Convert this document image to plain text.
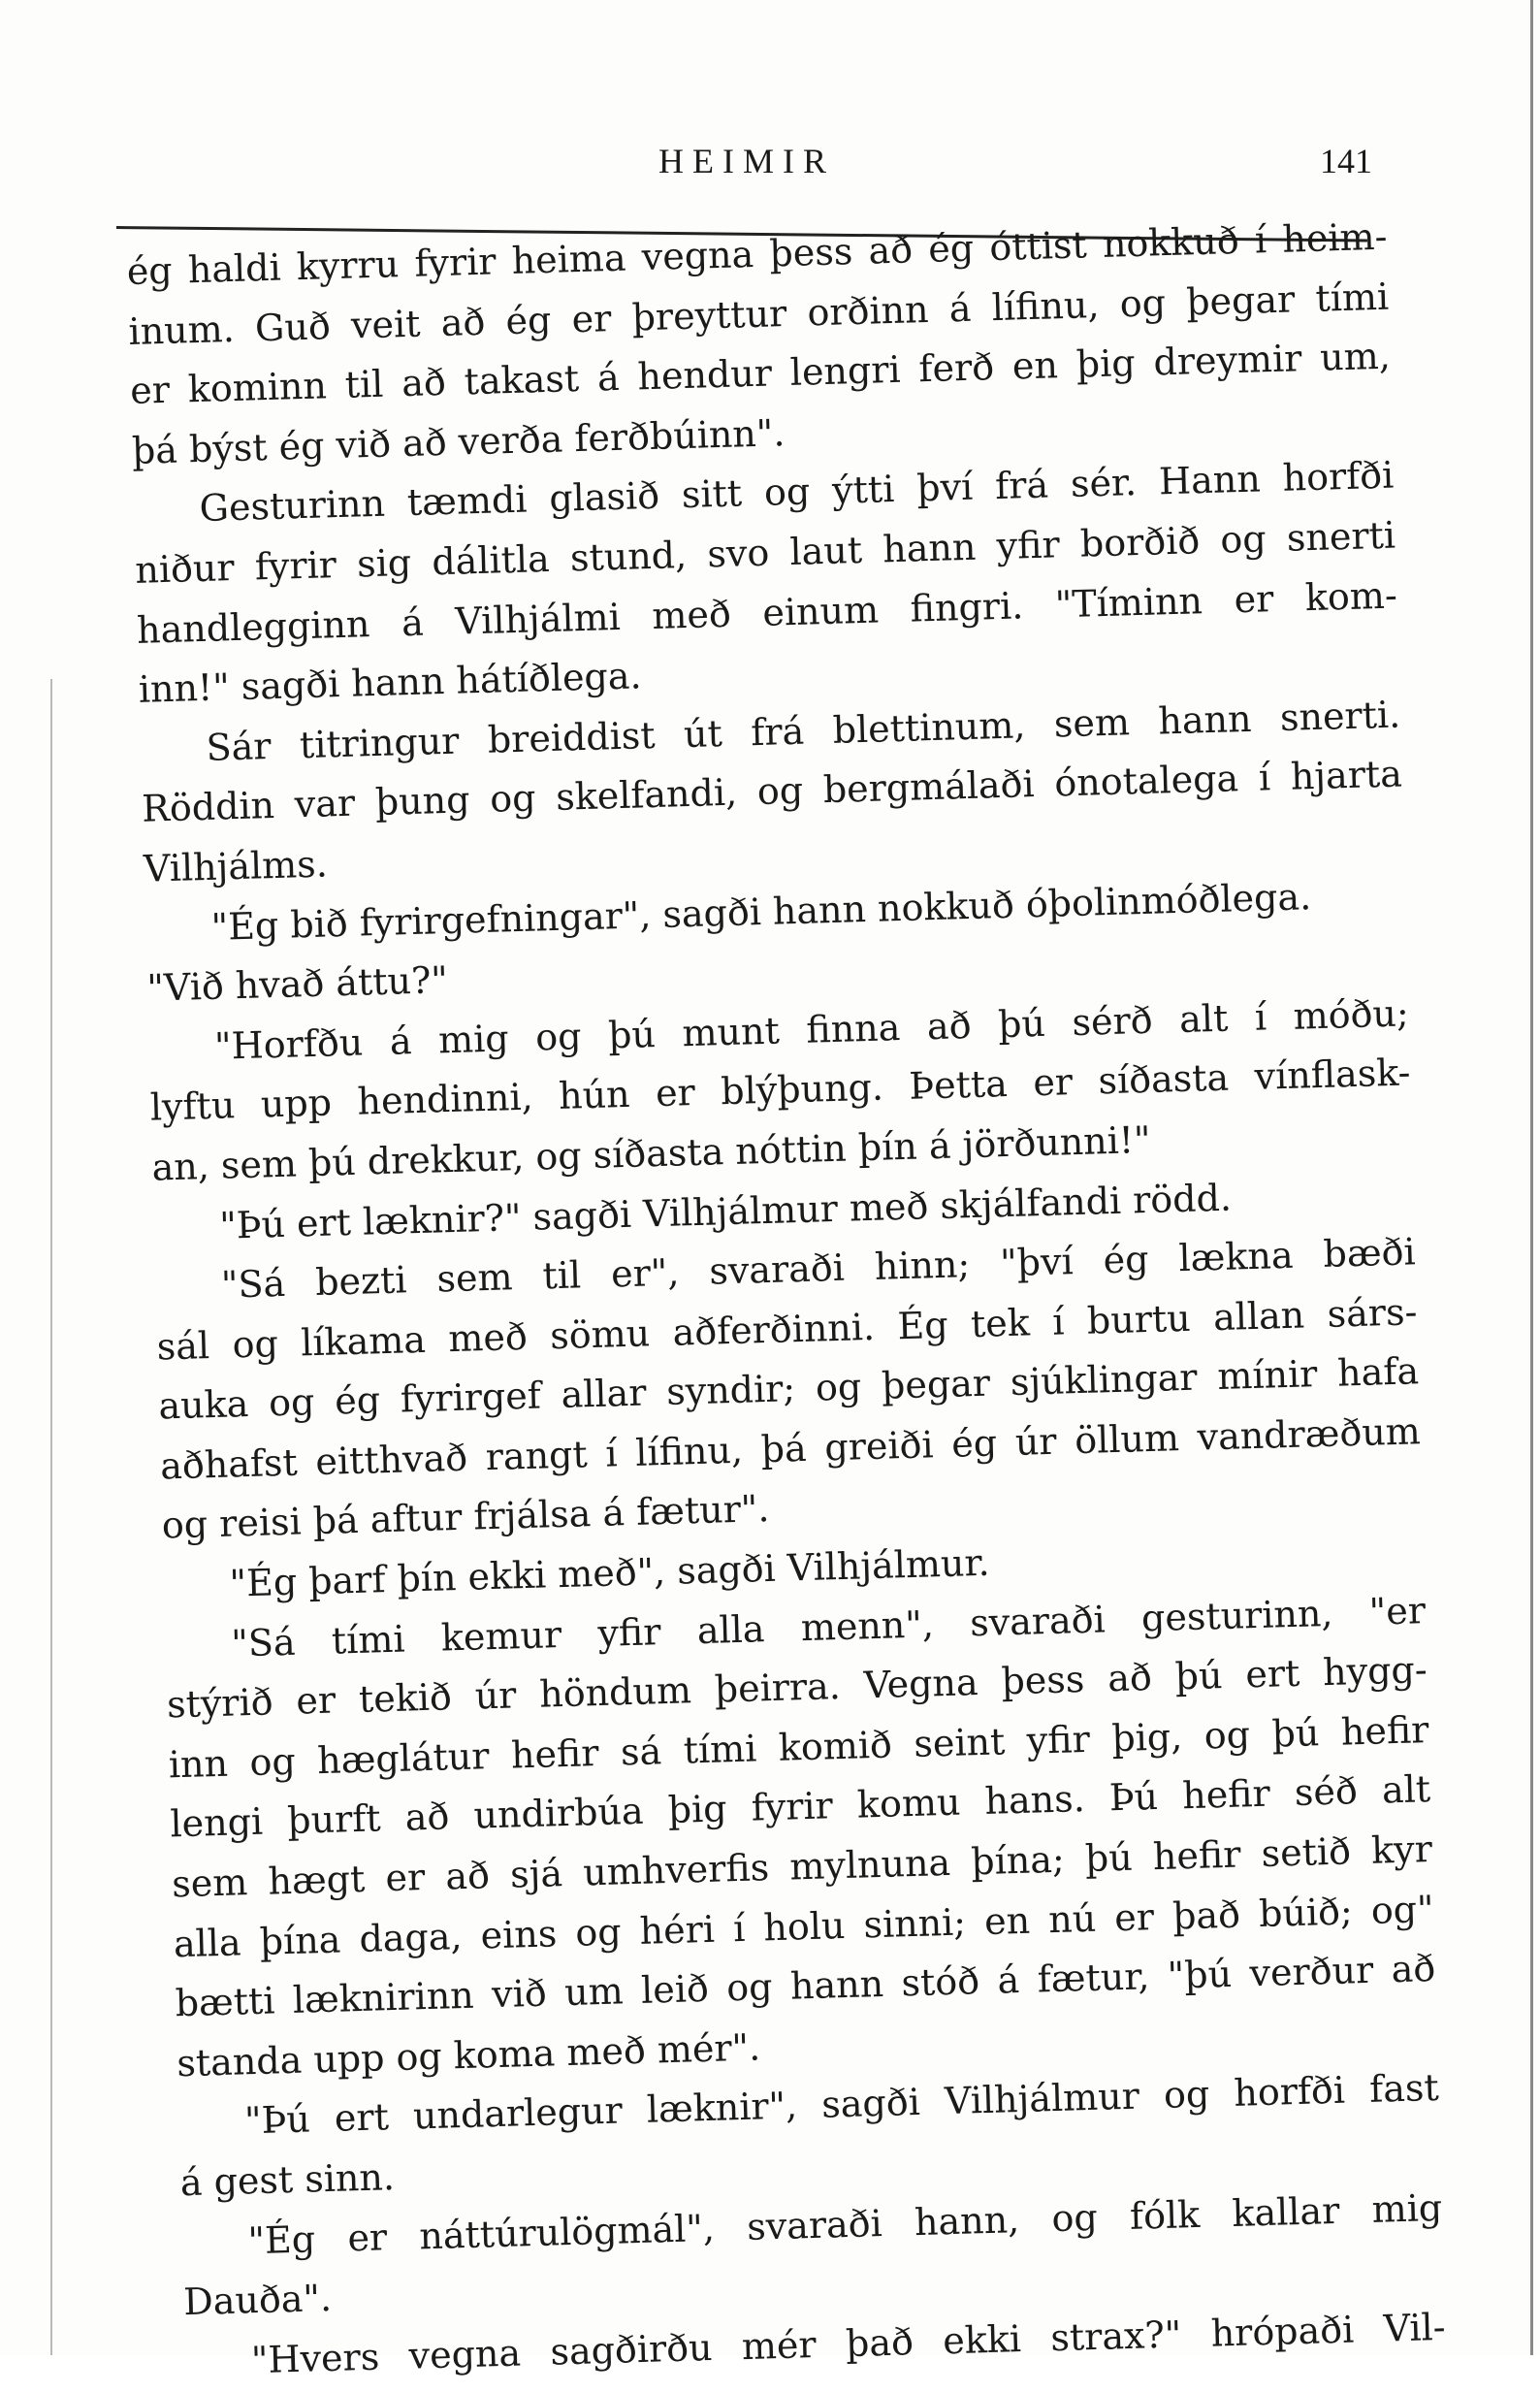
HEIMIR	141
ég haldi kyrru fyrir heima vegna þess að ég óttist nokkuð í heim-
inum. Guð veit að ég er þreyttur orðinn á lífinu, og þegar tími
er kominn til að takast á hendur lengri ferð en þig dreymir um,
þá býst ég við að verða ferðbúinn".
Gesturinn tæmdi glasið sitt og ýtti því frá sér. Hann horfði
niður fyrir sig dálitla stund, svo laut hann yfir borðið og snerti
handlegginn á Vilhjálmi með einum fingri. "Tíminn er kom-
inn!" sagði hann hátíðlega.
Sár titringur breiddist út frá blettinum, sem hann snerti.
Röddin var þung og skelfandi, og bergmálaði ónotalega í hjarta
Vilhjálms.
"Ég bið fyrirgefningar", sagði hann nokkuð óþolinmóðlega.
"Við hvað áttu?"
"Horfðu á mig og þú munt finna að þú sérð alt í móðu;
lyftu upp hendinni, hún er blýþung. Þetta er síðasta vínflask-
an, sem þú drekkur, og síðasta nóttin þín á jörðunni!"
"Þú ert læknir?" sagði Vilhjálmur með skjálfandi rödd.
"Sá bezti sem til er", svaraði hinn; "því ég lækna bæði
sál og líkama með sömu aðferðinni. Ég tek í burtu allan sárs-
auka og ég fyrirgef allar syndir; og þegar sjúklingar mínir hafa
aðhafst eitthvað rangt í lífinu, þá greiði ég úr öllum vandræðum
og reisi þá aftur frjálsa á fætur".
"Ég þarf þín ekki með", sagði Vilhjálmur.
"Sá tími kemur yfir alla menn", svaraði gesturinn, "er
stýrið er tekið úr höndum þeirra. Vegna þess að þú ert hygg-
inn og hæglátur hefir sá tími komið seint yfir þig, og þú hefir
lengi þurft að undirbúa þig fyrir komu hans. Þú hefir séð alt
sem hægt er að sjá umhverfis mylnuna þína; þú hefir setið kyr
alla þína daga, eins og héri í holu sinni; en nú er það búið; og"
bætti læknirinn við um leið og hann stóð á fætur, "þú verður að
standa upp og koma með mér".
"Þú ert undarlegur læknir", sagði Vilhjálmur og horfði fast
á gest sinn.
"Ég er náttúrulögmál", svaraði hann, og fólk kallar mig
Dauða".
"Hvers vegna sagðirðu mér það ekki strax?" hrópaði Vil-
